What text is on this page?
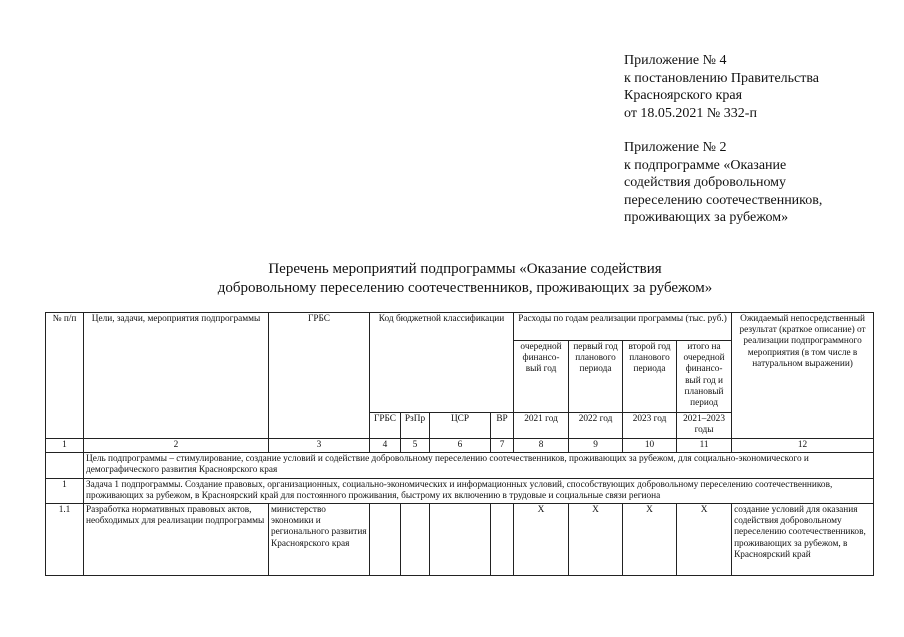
Приложение № 4

к постановлению Правительства

Красноярского края

от 18.05.2021 № 332-п

Приложение № 2

к подпрограмме «Оказание

содействия добровольному

переселению соотечественников,

проживающих за рубежом»

Перечень мероприятий подпрограммы «Оказание содействия
добровольному переселению соотечественников, проживающих за рубежом»
№ п/п	Цели, задачи, мероприятия подпрограммы	ГРБС	Код бюджетной классификации				Расходы по годам реализации программы (тыс. руб.)				Ожидаемый непосредственный результат (краткое описание) от реализации подпрограммного мероприятия (в том числе в натуральном выражении)
							очередной финансо-вый год	первый год планового периода	второй год планового периода	итого на очередной финансо-вый год и плановый период	
			ГРБС	РзПр	ЦСР	ВР	2021 год	2022 год	2023 год	2021–2023 годы	
1	2	3	4	5	6	7	8	9	10	11	12
	Цель подпрограммы – стимулирование, создание условий и содействие добровольному переселению соотечественников, проживающих за рубежом, для социально-экономического и демографического развития Красноярского края										
1	Задача 1 подпрограммы. Создание правовых, организационных, социально-экономических и информационных условий, способствующих добровольному переселению соотечественников, проживающих за рубежом, в Красноярский край для постоянного проживания, быстрому их включению в трудовые и социальные связи региона										
1.1	Разработка нормативных правовых актов, необходимых для реализации подпрограммы	министерство экономики и регионального развития Красноярского края					Х	Х	Х	Х	создание условий для оказания содействия добровольному переселению соотечественников, проживающих за рубежом, в Красноярский край
